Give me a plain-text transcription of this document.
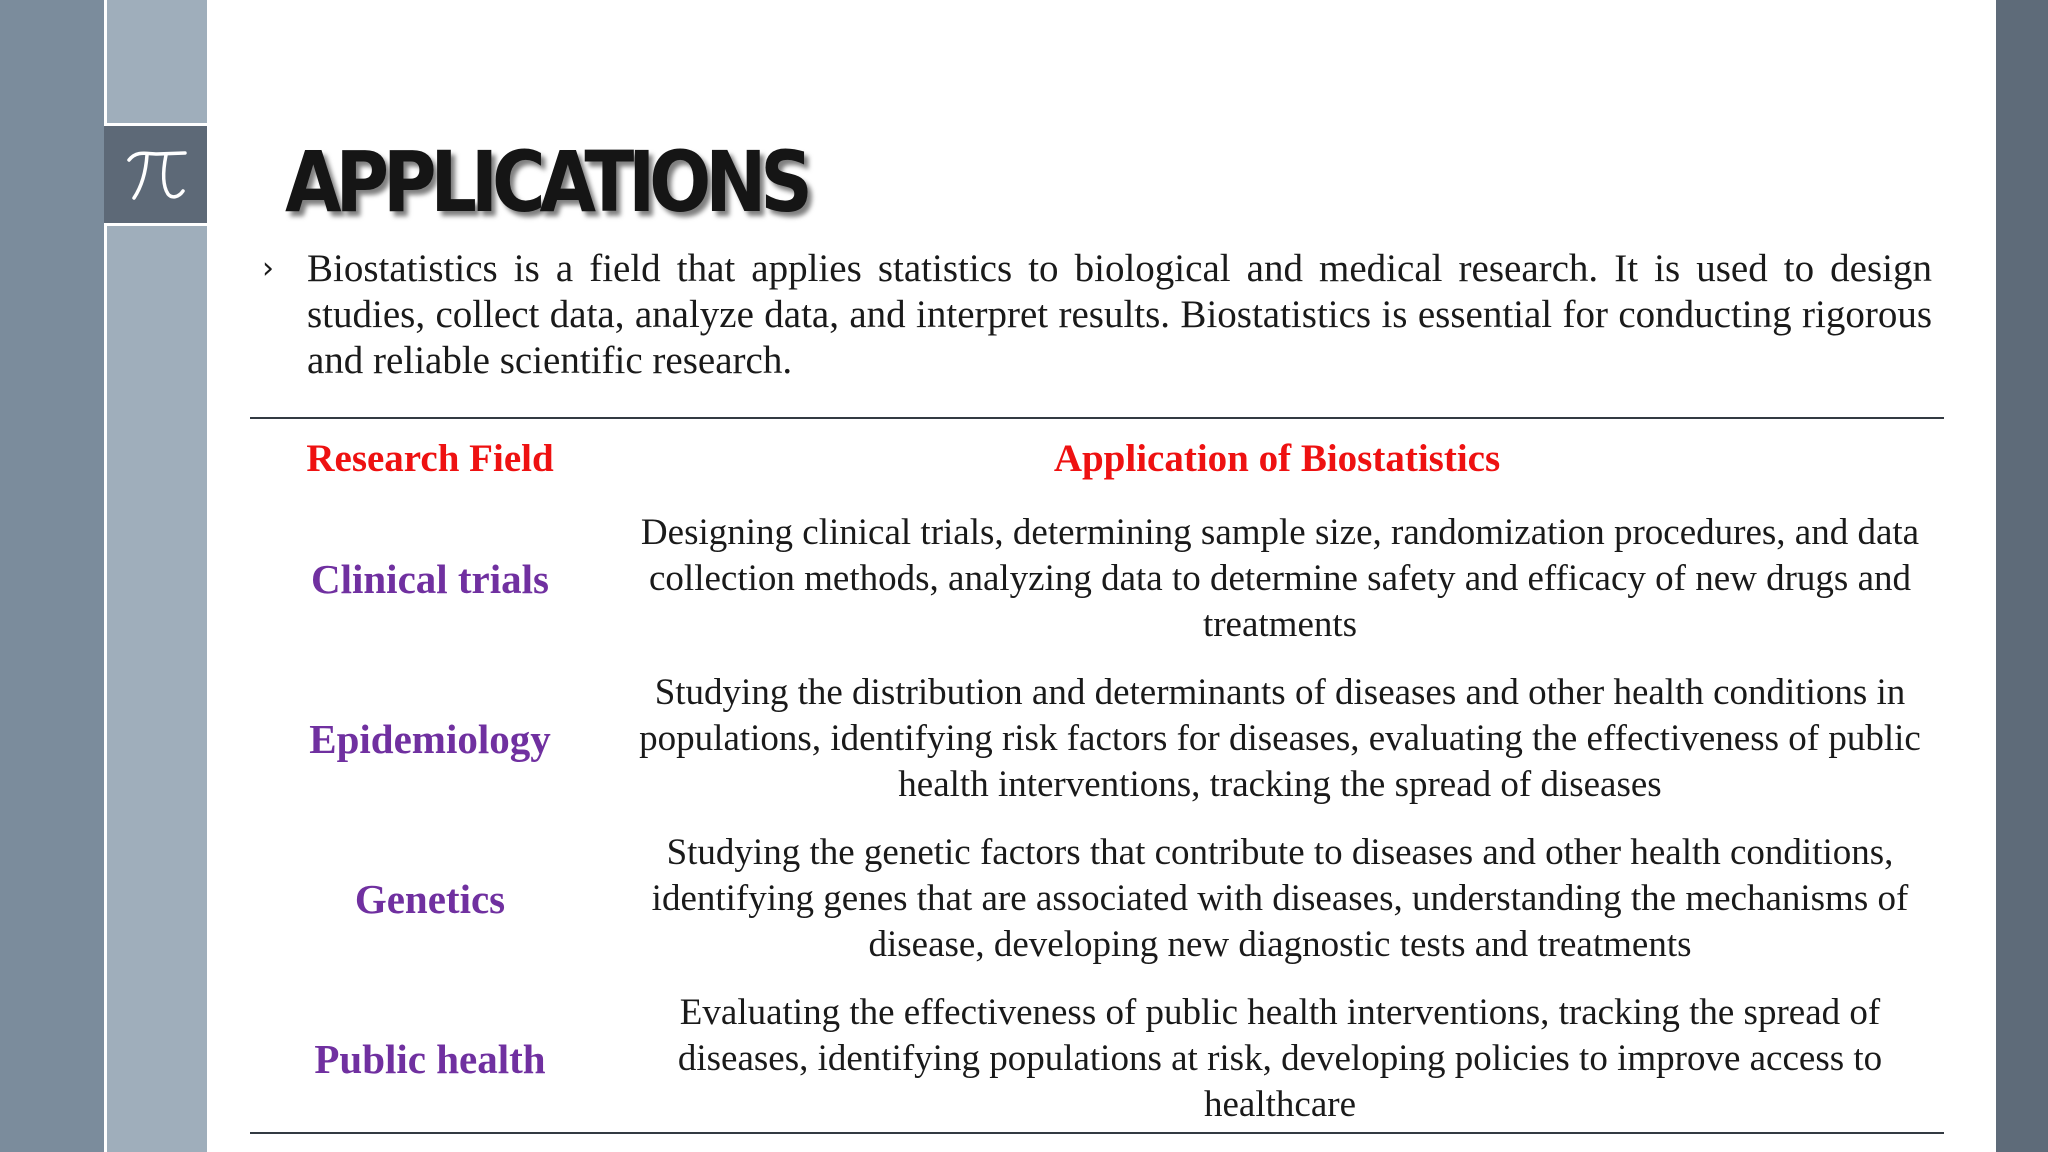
APPLICATIONS
› Biostatistics is a field that applies statistics to biological and medical research. It is used to design studies, collect data, analyze data, and interpret results. Biostatistics is essential for conducting rigorous and reliable scientific research.
Research Field	Application of Biostatistics
Clinical trials	Designing clinical trials, determining sample size, randomization procedures, and data collection methods, analyzing data to determine safety and efficacy of new drugs and treatments
Epidemiology	Studying the distribution and determinants of diseases and other health conditions in populations, identifying risk factors for diseases, evaluating the effectiveness of public health interventions, tracking the spread of diseases
Genetics	Studying the genetic factors that contribute to diseases and other health conditions, identifying genes that are associated with diseases, understanding the mechanisms of disease, developing new diagnostic tests and treatments
Public health	Evaluating the effectiveness of public health interventions, tracking the spread of diseases, identifying populations at risk, developing policies to improve access to healthcare
